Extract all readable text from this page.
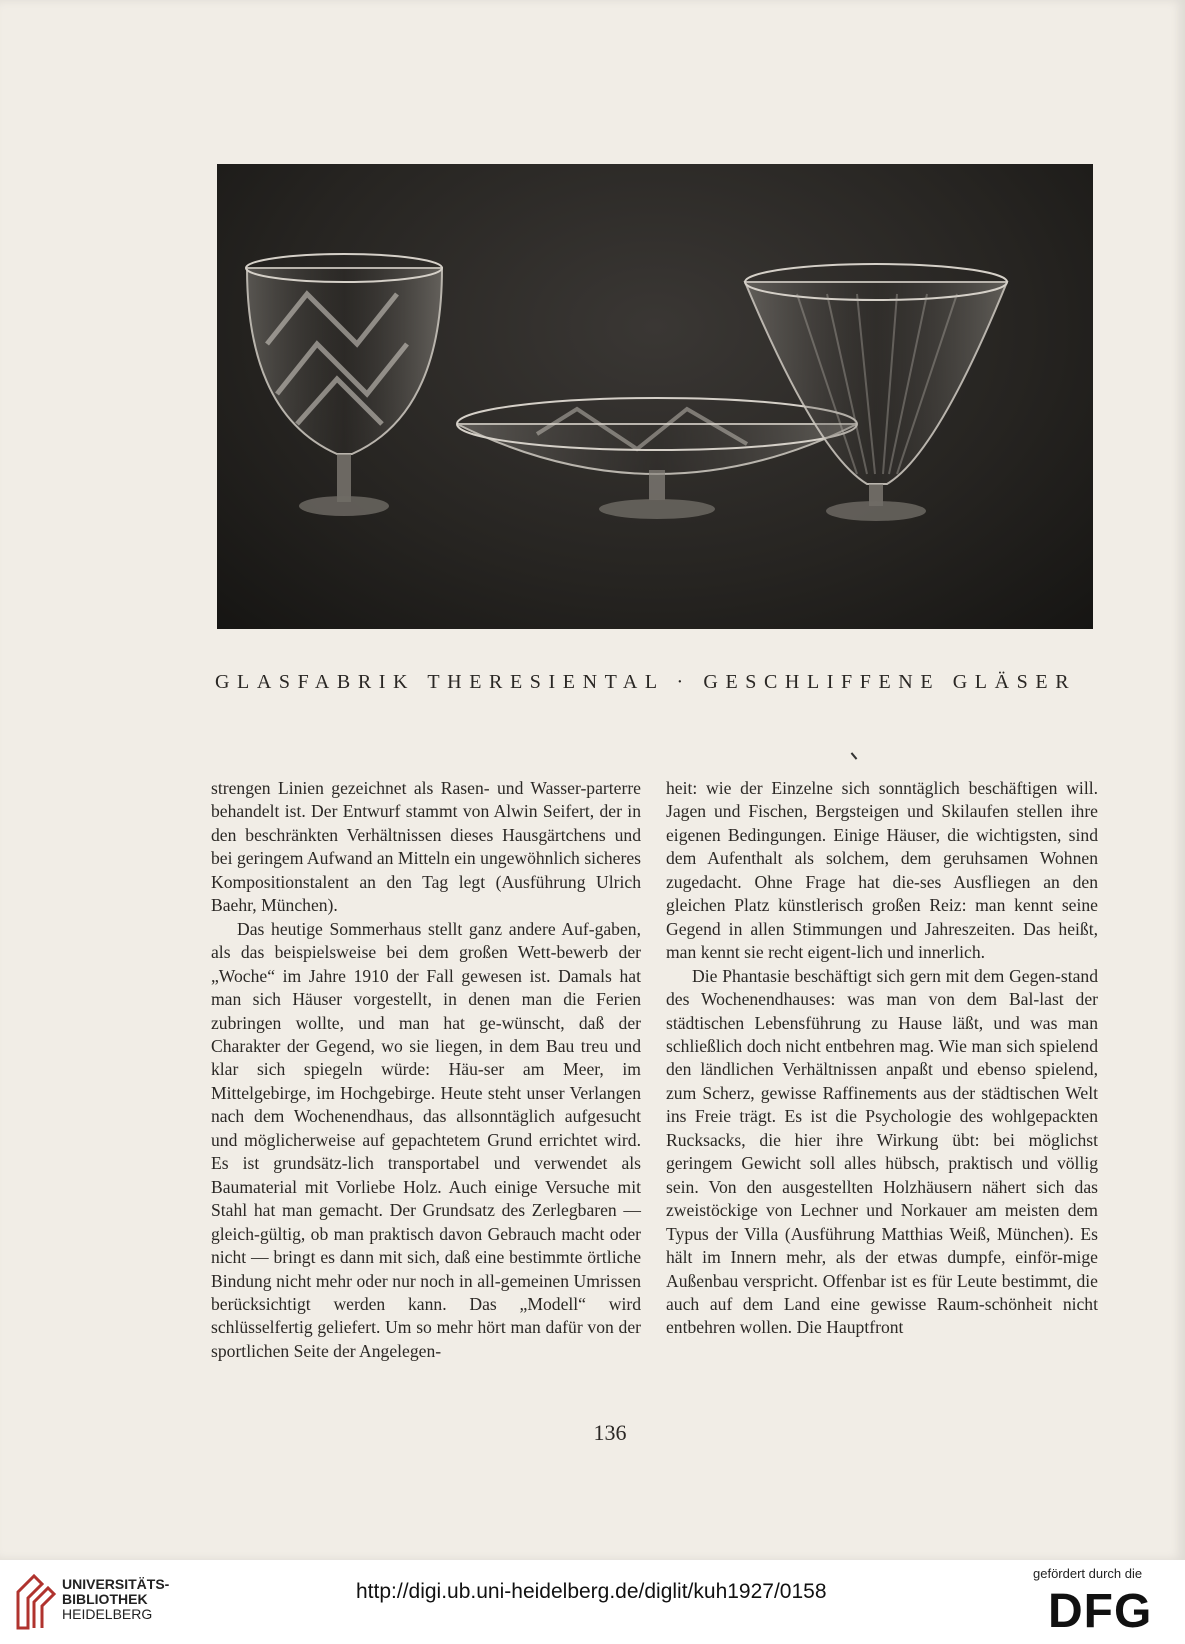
GLASFABRIK THERESIENTAL · GESCHLIFFENE GLÄSER

strengen Linien gezeichnet als Rasen- und Wasser-parterre behandelt ist. Der Entwurf stammt von Alwin Seifert, der in den beschränkten Verhältnissen dieses Hausgärtchens und bei geringem Aufwand an Mitteln ein ungewöhnlich sicheres Kompositionstalent an den Tag legt (Ausführung Ulrich Baehr, München).

Das heutige Sommerhaus stellt ganz andere Auf-gaben, als das beispielsweise bei dem großen Wett-bewerb der „Woche“ im Jahre 1910 der Fall gewesen ist. Damals hat man sich Häuser vorgestellt, in denen man die Ferien zubringen wollte, und man hat ge-wünscht, daß der Charakter der Gegend, wo sie liegen, in dem Bau treu und klar sich spiegeln würde: Häu-ser am Meer, im Mittelgebirge, im Hochgebirge. Heute steht unser Verlangen nach dem Wochenendhaus, das allsonntäglich aufgesucht und möglicherweise auf gepachtetem Grund errichtet wird. Es ist grundsätz-lich transportabel und verwendet als Baumaterial mit Vorliebe Holz. Auch einige Versuche mit Stahl hat man gemacht. Der Grundsatz des Zerlegbaren — gleich-gültig, ob man praktisch davon Gebrauch macht oder nicht — bringt es dann mit sich, daß eine bestimmte örtliche Bindung nicht mehr oder nur noch in all-gemeinen Umrissen berücksichtigt werden kann. Das „Modell“ wird schlüsselfertig geliefert. Um so mehr hört man dafür von der sportlichen Seite der Angelegen-

heit: wie der Einzelne sich sonntäglich beschäftigen will. Jagen und Fischen, Bergsteigen und Skilaufen stellen ihre eigenen Bedingungen. Einige Häuser, die wichtigsten, sind dem Aufenthalt als solchem, dem geruhsamen Wohnen zugedacht. Ohne Frage hat die-ses Ausfliegen an den gleichen Platz künstlerisch großen Reiz: man kennt seine Gegend in allen Stimmungen und Jahreszeiten. Das heißt, man kennt sie recht eigent-lich und innerlich.

Die Phantasie beschäftigt sich gern mit dem Gegen-stand des Wochenendhauses: was man von dem Bal-last der städtischen Lebensführung zu Hause läßt, und was man schließlich doch nicht entbehren mag. Wie man sich spielend den ländlichen Verhältnissen anpaßt und ebenso spielend, zum Scherz, gewisse Raffinements aus der städtischen Welt ins Freie trägt. Es ist die Psychologie des wohlgepackten Rucksacks, die hier ihre Wirkung übt: bei möglichst geringem Gewicht soll alles hübsch, praktisch und völlig sein. Von den ausgestellten Holzhäusern nähert sich das zweistöckige von Lechner und Norkauer am meisten dem Typus der Villa (Ausführung Matthias Weiß, München). Es hält im Innern mehr, als der etwas dumpfe, einför-mige Außenbau verspricht. Offenbar ist es für Leute bestimmt, die auch auf dem Land eine gewisse Raum-schönheit nicht entbehren wollen. Die Hauptfront

136
UNIVERSITÄTS-
BIBLIOTHEK
HEIDELBERG
http://digi.ub.uni-heidelberg.de/diglit/kuh1927/0158
gefördert durch die
DFG
